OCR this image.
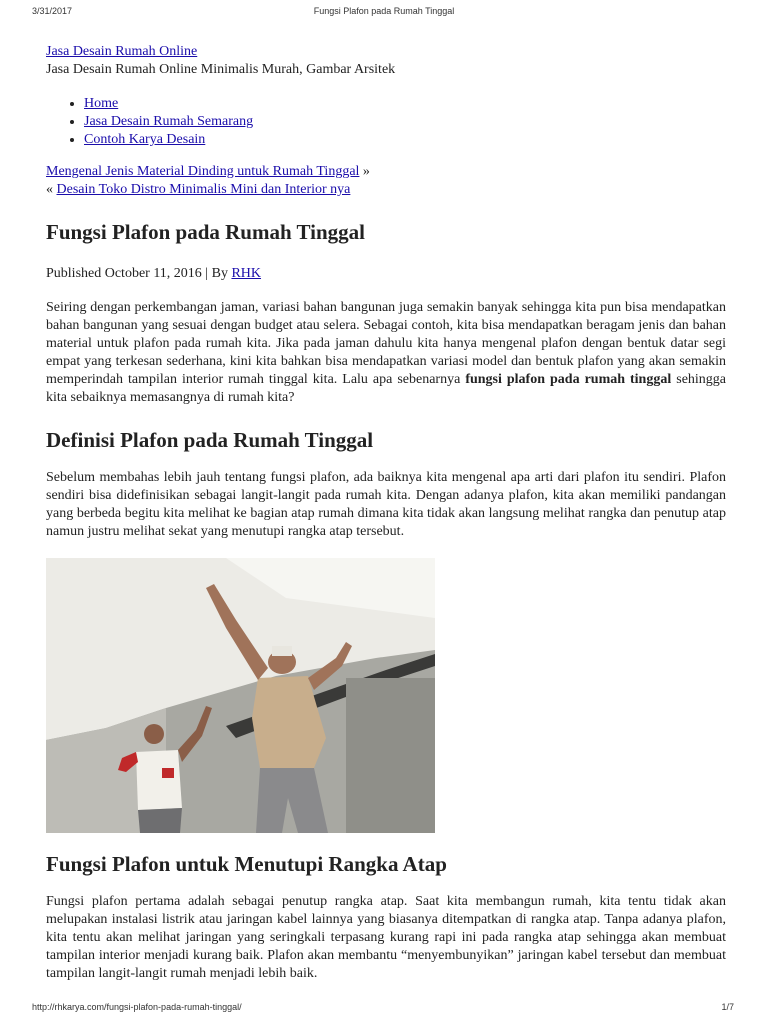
3/31/2017	Fungsi Plafon pada Rumah Tinggal
Jasa Desain Rumah Online

Jasa Desain Rumah Online Minimalis Murah, Gambar Arsitek

• Home
• Jasa Desain Rumah Semarang
• Contoh Karya Desain
Mengenal Jenis Material Dinding untuk Rumah Tinggal »
« Desain Toko Distro Minimalis Mini dan Interior nya
Fungsi Plafon pada Rumah Tinggal
Published October 11, 2016 | By RHK

Seiring dengan perkembangan jaman, variasi bahan bangunan juga semakin banyak sehingga kita pun bisa mendapatkan bahan bangunan yang sesuai dengan budget atau selera. Sebagai contoh, kita bisa mendapatkan beragam jenis dan bahan material untuk plafon pada rumah kita. Jika pada jaman dahulu kita hanya mengenal plafon dengan bentuk datar segi empat yang terkesan sederhana, kini kita bahkan bisa mendapatkan variasi model dan bentuk plafon yang akan semakin memperindah tampilan interior rumah tinggal kita. Lalu apa sebenarnya fungsi plafon pada rumah tinggal sehingga kita sebaiknya memasangnya di rumah kita?

Definisi Plafon pada Rumah Tinggal

Sebelum membahas lebih jauh tentang fungsi plafon, ada baiknya kita mengenal apa arti dari plafon itu sendiri. Plafon sendiri bisa didefinisikan sebagai langit-langit pada rumah kita. Dengan adanya plafon, kita akan memiliki pandangan yang berbeda begitu kita melihat ke bagian atap rumah dimana kita tidak akan langsung melihat rangka dan penutup atap namun justru melihat sekat yang menutupi rangka atap tersebut.

Fungsi Plafon untuk Menutupi Rangka Atap

Fungsi plafon pertama adalah sebagai penutup rangka atap. Saat kita membangun rumah, kita tentu tidak akan melupakan instalasi listrik atau jaringan kabel lainnya yang biasanya ditempatkan di rangka atap. Tanpa adanya plafon, kita tentu akan melihat jaringan yang seringkali terpasang kurang rapi ini pada rangka atap sehingga akan membuat tampilan interior menjadi kurang baik. Plafon akan membantu “menyembunyikan” jaringan kabel tersebut dan membuat tampilan langit-langit rumah menjadi lebih baik.

http://rhkarya.com/fungsi-plafon-pada-rumah-tinggal/	1/7
